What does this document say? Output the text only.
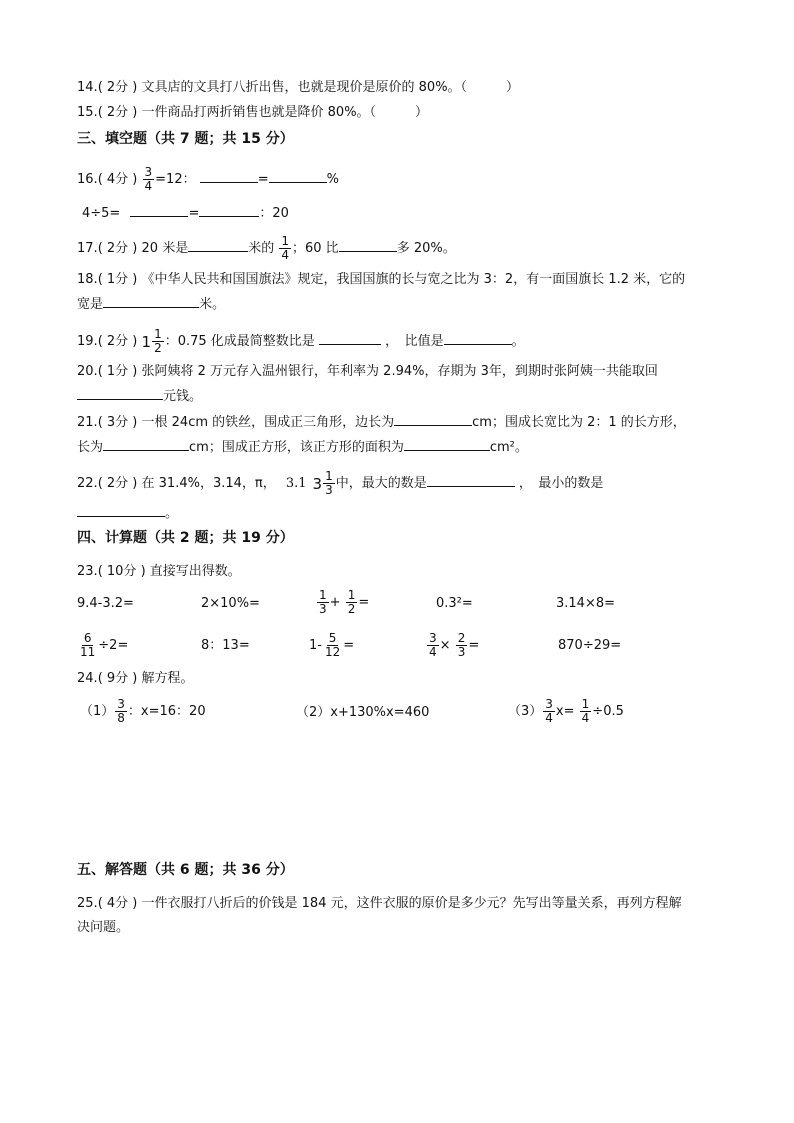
14.( 2分 ) 文具店的文具打八折出售，也就是现价是原价的 80%。（　　　）
15.( 2分 ) 一件商品打两折销售也就是降价 80%。（　　　）
三、填空题（共 7 题；共 15 分）
16.( 4分 ) $\frac{3}{4} =12$：	=	%
4÷5=	=	：20
17.( 2分 ) 20 米是	米的 $\frac{1}{4}$ ；60 比	多 20%。
18.( 1分 ) 《中华人民共和国国旗法》规定，我国国旗的长与宽之比为 3：2，有一面国旗长 1.2 米，它的
宽是	米。
19.( 2分 ) $1 \frac{1}{2}$ ：0.75 化成最简整数比是	，　比值是	。
20.( 1分 ) 张阿姨将 2 万元存入温州银行，年利率为 2.94%，存期为 3年，到期时张阿姨一共能取回
元钱。
21.( 3分 ) 一根 24cm 的铁丝，围成正三角形，边长为	cm；围成长宽比为 2：1 的长方形，
长为	cm；围成正方形，该正方形的面积为	cm²。
22.( 2分 ) 在 31.4%，3.14，π， 3.1 $3 \frac{1}{3}$ 中，最大的数是	，　最小的数是
。
四、计算题（共 2 题；共 19 分）
23.( 10分 ) 直接写出得数。
9.4-3.2=	2×10%=	$\frac{1}{3} + \frac{1}{2}$ =	0.3²=	3.14×8=
$\frac{6}{11} \div 2=$	8：13=	$1- \frac{5}{12}$ =	$\frac{3}{4} \times \frac{2}{3}$ =	870÷29=
24.( 9分 ) 解方程。
$(1) \frac{3}{8}$ ：x=16：20	（2）x+130%x=460	$(3) \frac{3}{4} x= \frac{1}{4} \div 0.5$
五、解答题（共 6 题；共 36 分）
25.( 4分 ) 一件衣服打八折后的价钱是 184 元，这件衣服的原价是多少元？先写出等量关系，再列方程解
决问题。
